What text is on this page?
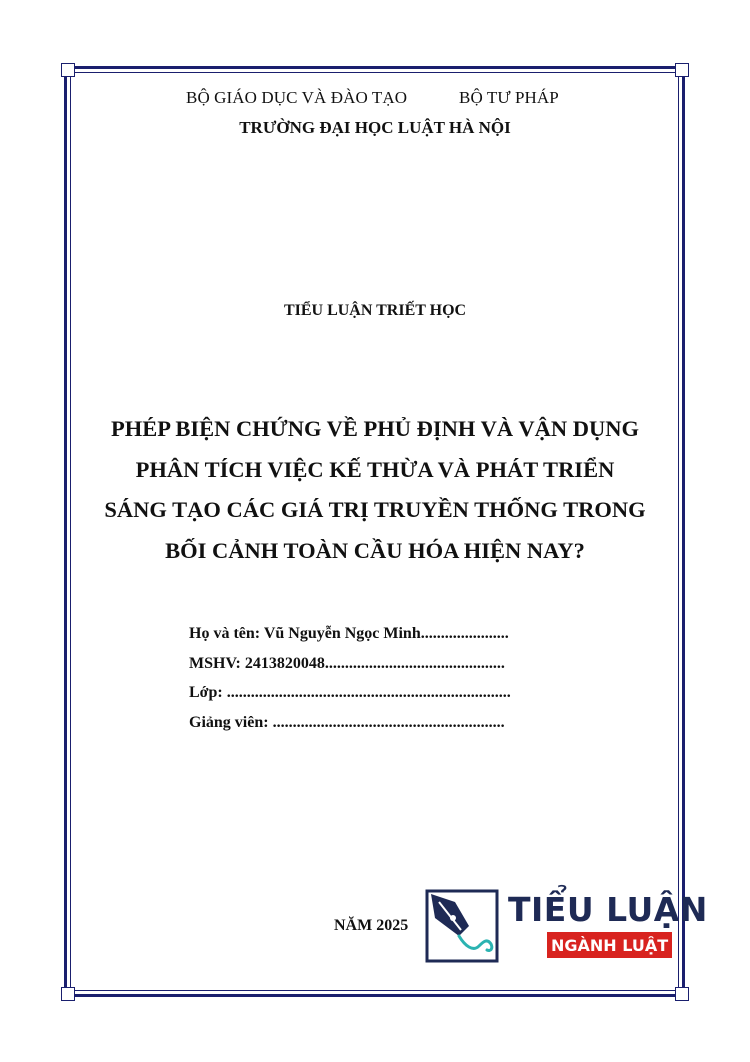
BỘ GIÁO DỤC VÀ ĐÀO TẠO	BỘ TƯ PHÁP
TRƯỜNG ĐẠI HỌC LUẬT HÀ NỘI
TIỂU LUẬN TRIẾT HỌC
PHÉP BIỆN CHỨNG VỀ PHỦ ĐỊNH VÀ VẬN DỤNG
PHÂN TÍCH VIỆC KẾ THỪA VÀ PHÁT TRIỂN
SÁNG TẠO CÁC GIÁ TRỊ TRUYỀN THỐNG TRONG
BỐI CẢNH TOÀN CẦU HÓA HIỆN NAY?
Họ và tên: Vũ Nguyễn Ngọc Minh......................
MSHV: 2413820048.............................................
Lớp: .......................................................................
Giảng viên: ..........................................................
NĂM 2025	TIỂU LUẬN
NGÀNH LUẬT
